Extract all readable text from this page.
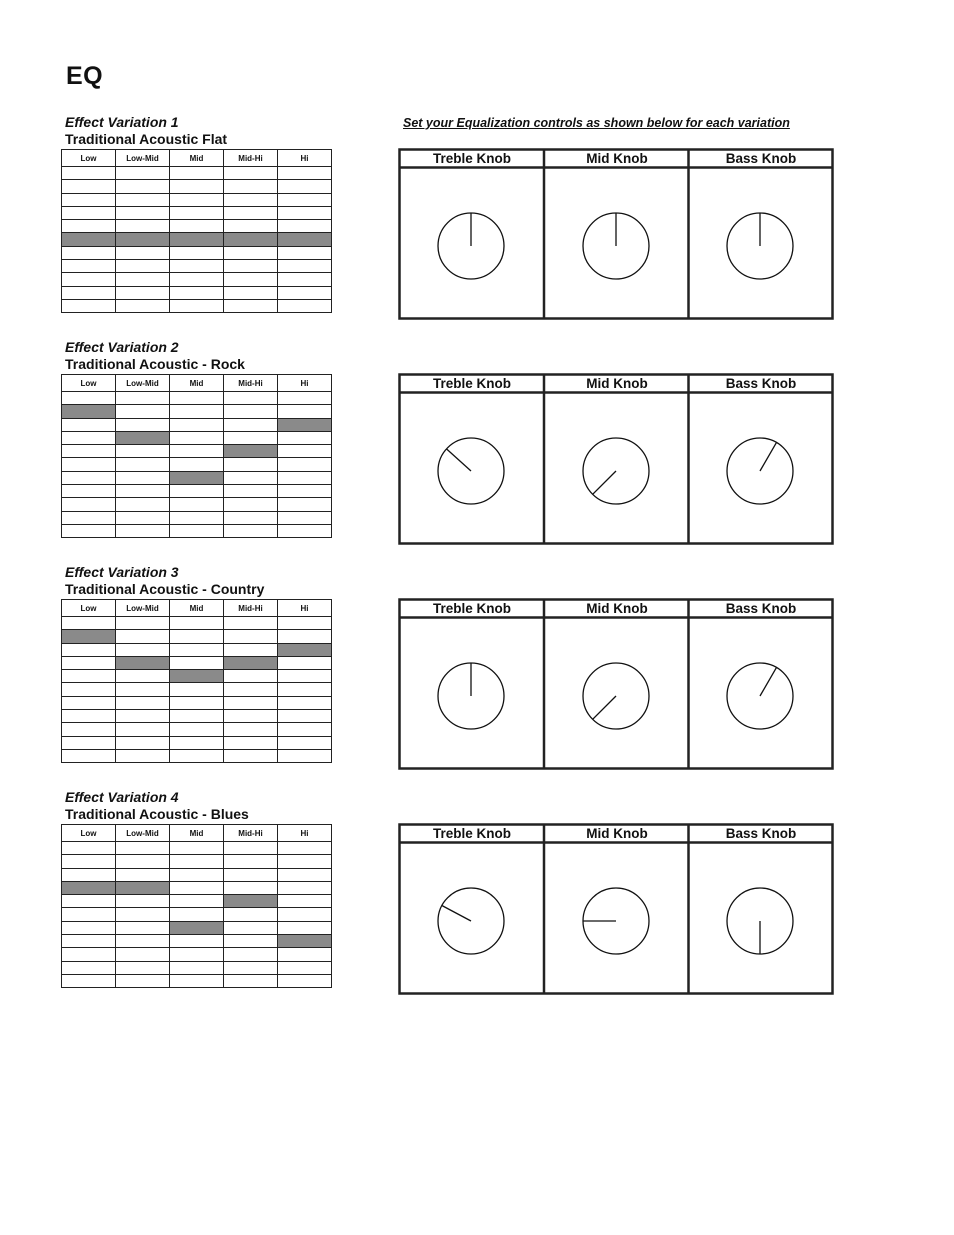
EQ
Set your Equalization controls as shown below for each variation
Effect Variation 1
Traditional Acoustic Flat
Low	Low-Mid	Mid	Mid-Hi	Hi

					Treble Knob	Mid Knob	Bass Knob
Effect Variation 2
Traditional Acoustic - Rock
Low	Low-Mid	Mid	Mid-Hi	Hi

					Treble Knob	Mid Knob	Bass Knob
Effect Variation 3
Traditional Acoustic - Country
Low	Low-Mid	Mid	Mid-Hi	Hi

					Treble Knob	Mid Knob	Bass Knob
Effect Variation 4
Traditional Acoustic - Blues
Low	Low-Mid	Mid	Mid-Hi	Hi

					Treble Knob	Mid Knob	Bass Knob
